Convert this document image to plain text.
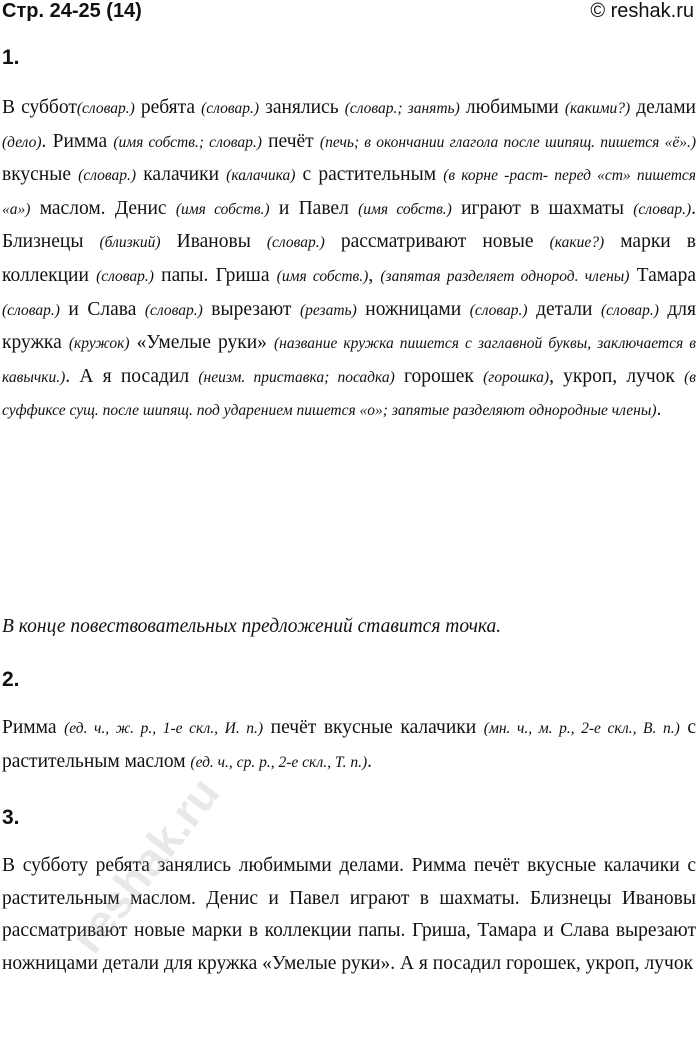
Стр. 24-25 (14)	© reshak.ru
1.
В суббот(словар.) ребята (словар.) занялись (словар.; занять) любимыми (какими?) делами (дело). Римма (имя собств.; словар.) печёт (печь; в окончании глагола после шипящ. пишется «ё».) вкусные (словар.) калачики (калачика) с растительным (в корне -раст- перед «ст» пишется «а») маслом. Денис (имя собств.) и Павел (имя собств.) играют в шахматы (словар.). Близнецы (близкий) Ивановы (словар.) рассматривают новые (какие?) марки в коллекции (словар.) папы. Гриша (имя собств.), (запятая разделяет однород. члены) Тамара (словар.) и Слава (словар.) вырезают (резать) ножницами (словар.) детали (словар.) для кружка (кружок) «Умелые руки» (название кружка пишется с заглавной буквы, заключается в кавычки.). А я посадил (неизм. приставка; посадка) горошек (горошка), укроп, лучок (в суффиксе сущ. после шипящ. под ударением пишется «о»; запятые разделяют однородные члены).
В конце повествовательных предложений ставится точка.
2.
Римма (ед. ч., ж. р., 1-е скл., И. п.) печёт вкусные калачики (мн. ч., м. р., 2-е скл., В. п.) с растительным маслом (ед. ч., ср. р., 2-е скл., Т. п.).
3.
В субботу ребята занялись любимыми делами. Римма печёт вкусные калачики с растительным маслом. Денис и Павел играют в шахматы. Близнецы Ивановы рассматривают новые марки в коллекции папы. Гриша, Тамара и Слава вырезают ножницами детали для кружка «Умелые руки». А я посадил горошек, укроп, лучок
reshak.ru
